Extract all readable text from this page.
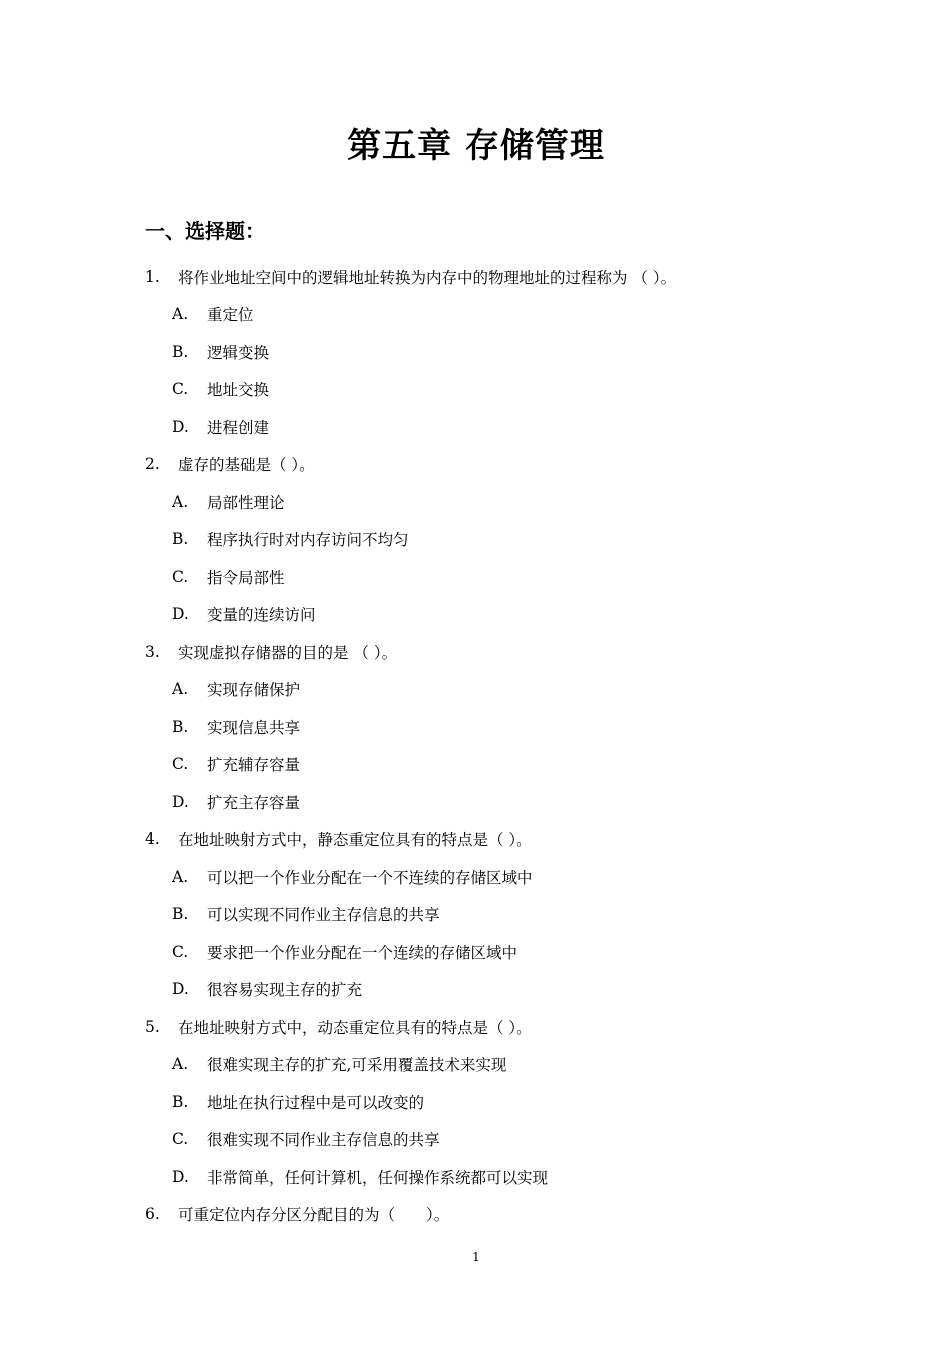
第五章 存储管理
一、选择题：
1. 将作业地址空间中的逻辑地址转换为内存中的物理地址的过程称为 （ ）。
A. 重定位
B. 逻辑变换
C. 地址交换
D. 进程创建
2. 虚存的基础是（ ）。
A. 局部性理论
B. 程序执行时对内存访问不均匀
C. 指令局部性
D. 变量的连续访问
3. 实现虚拟存储器的目的是 （ ）。
A. 实现存储保护
B. 实现信息共享
C. 扩充辅存容量
D. 扩充主存容量
4. 在地址映射方式中，静态重定位具有的特点是（ ）。
A. 可以把一个作业分配在一个不连续的存储区域中
B. 可以实现不同作业主存信息的共享
C. 要求把一个作业分配在一个连续的存储区域中
D. 很容易实现主存的扩充
5. 在地址映射方式中，动态重定位具有的特点是（ ）。
A. 很难实现主存的扩充,可采用覆盖技术来实现
B. 地址在执行过程中是可以改变的
C. 很难实现不同作业主存信息的共享
D. 非常简单，任何计算机，任何操作系统都可以实现
6. 可重定位内存分区分配目的为（　　）。
1
